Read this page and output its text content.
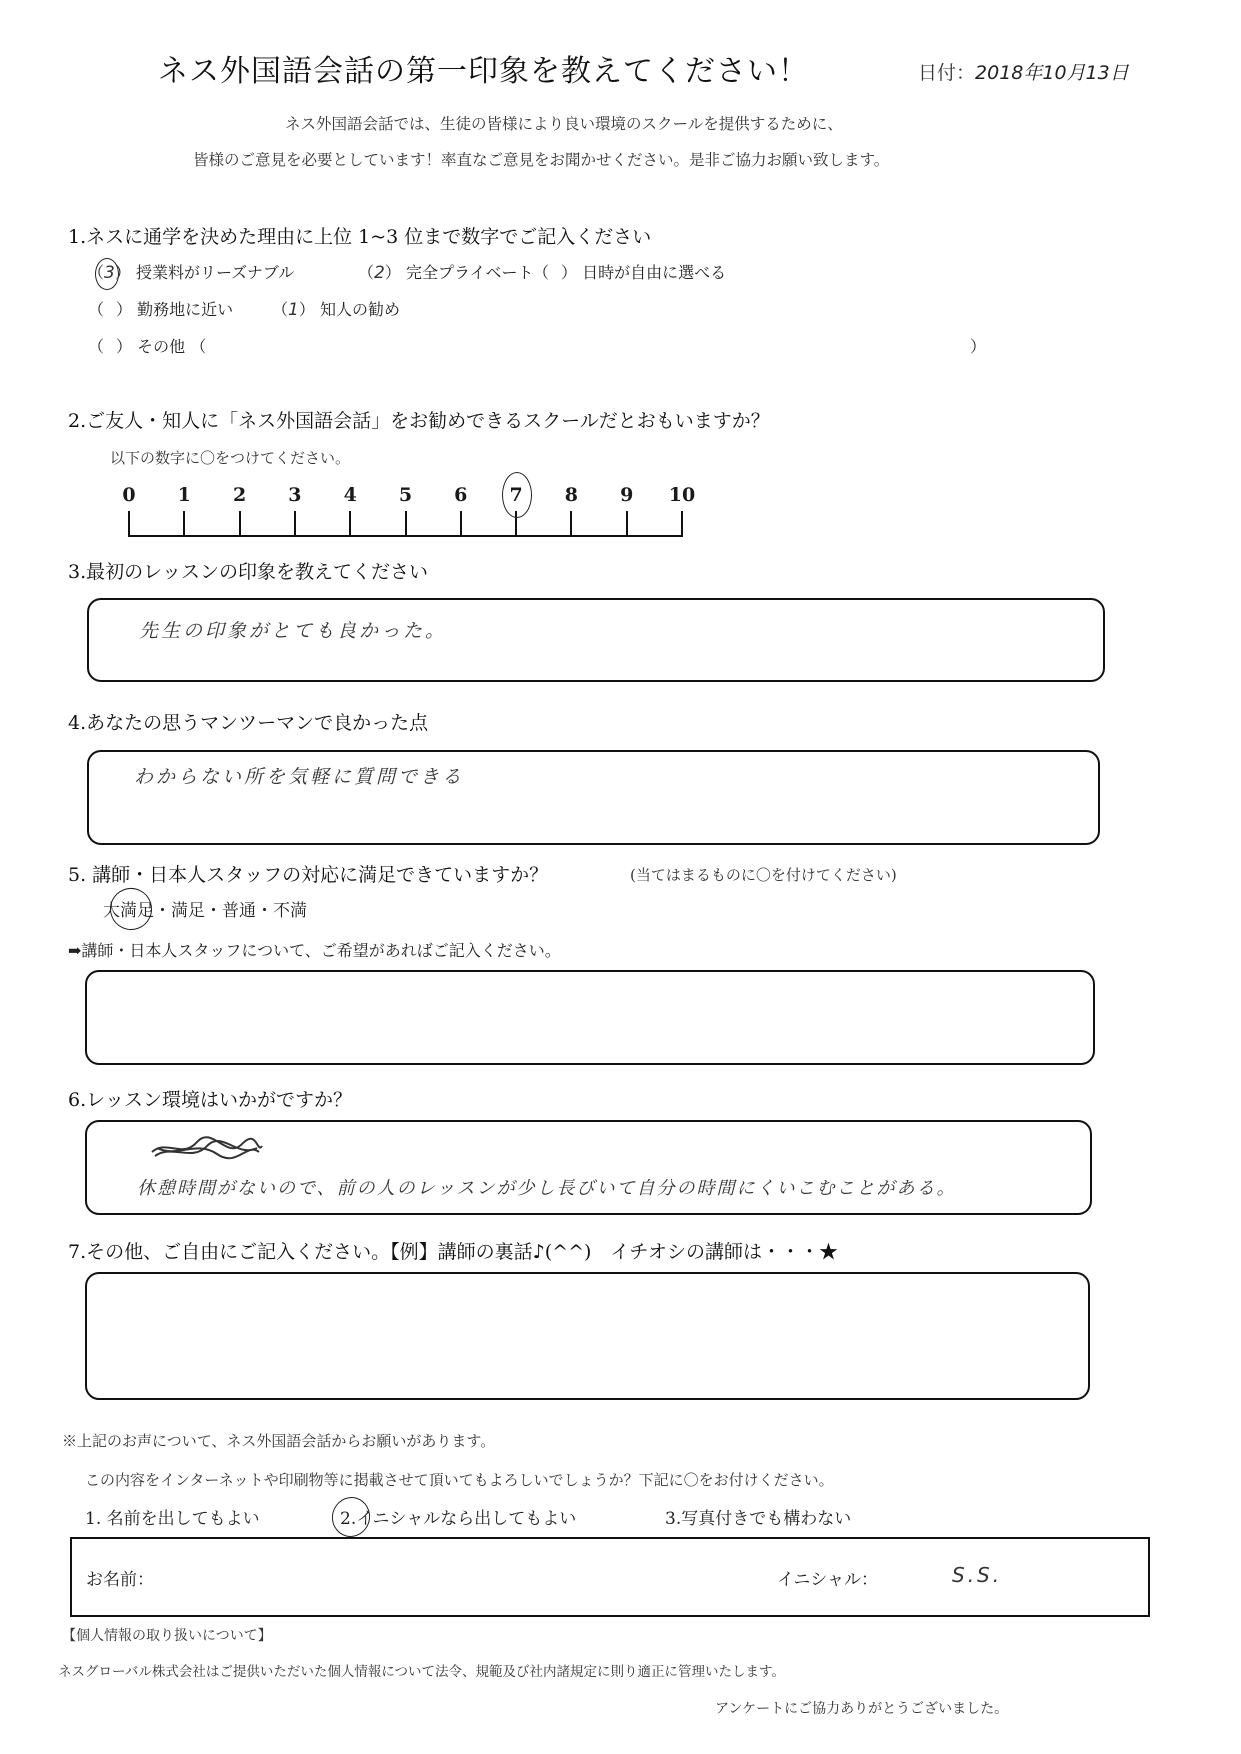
ネス外国語会話の第一印象を教えてください！	日付：2018年10月13日
ネス外国語会話では、生徒の皆様により良い環境のスクールを提供するために、
皆様のご意見を必要としています！率直なご意見をお聞かせください。是非ご協力お願い致します。
1.ネスに通学を決めた理由に上位 1~3 位まで数字でご記入ください
（3） 授業料がリーズナブル	（2） 完全プライベート （ ） 日時が自由に選べる
（ ） 勤務地に近い （1） 知人の勧め
（ ） その他 （	）
2.ご友人・知人に「ネス外国語会話」をお勧めできるスクールだとおもいますか？
以下の数字に〇をつけてください。
0	1	2	3	4	5	6	7	8	9	10
3.最初のレッスンの印象を教えてください
先生の印象がとても良かった。
4.あなたの思うマンツーマンで良かった点
わからない所を気軽に質問できる
5. 講師・日本人スタッフの対応に満足できていますか？	(当てはまるものに〇を付けてください)
大満足・満足・普通・不満
➡講師・日本人スタッフについて、ご希望があればご記入ください。
6.レッスン環境はいかがですか？
休憩時間がないので、前の人のレッスンが少し長びいて自分の時間にくいこむことがある。
7.その他、ご自由にご記入ください。【例】講師の裏話♪(^^)　イチオシの講師は・・・★
※上記のお声について、ネス外国語会話からお願いがあります。
この内容をインターネットや印刷物等に掲載させて頂いてもよろしいでしょうか？下記に〇をお付けください。
1. 名前を出してもよい	2.イニシャルなら出してもよい	3.写真付きでも構わない
お名前：	イニシャル：	S.S.
【個人情報の取り扱いについて】
ネスグローバル株式会社はご提供いただいた個人情報について法令、規範及び社内諸規定に則り適正に管理いたします。
アンケートにご協力ありがとうございました。
